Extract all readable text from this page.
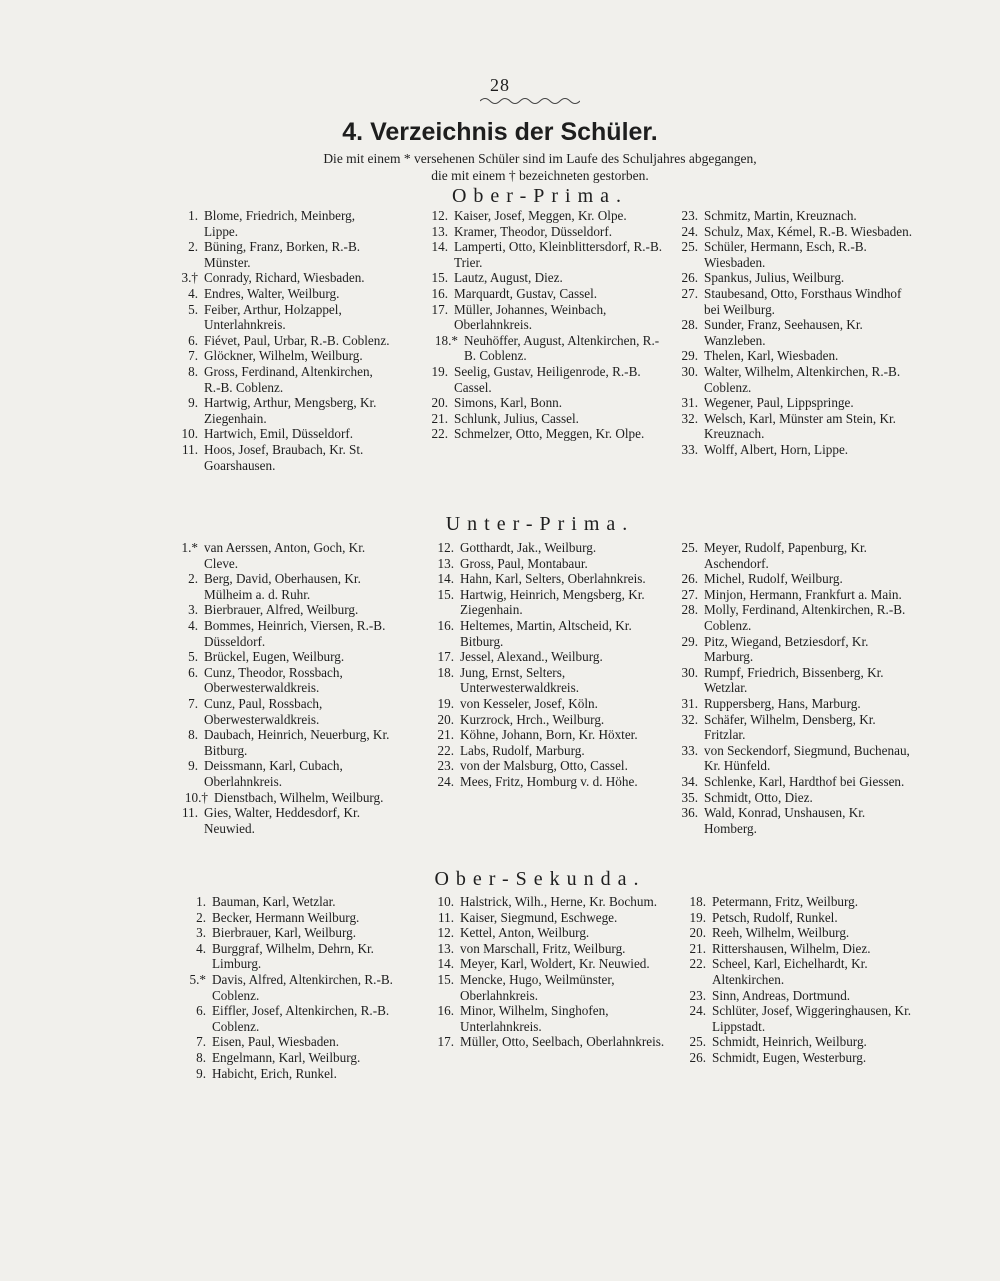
28
4. Verzeichnis der Schüler.
Die mit einem * versehenen Schüler sind im Laufe des Schuljahres abgegangen,
die mit einem † bezeichneten gestorben.
Ober-Prima.
1. Blome, Friedrich, Meinberg, Lippe.
2. Büning, Franz, Borken, R.-B. Münster.
3.† Conrady, Richard, Wiesbaden.
4. Endres, Walter, Weilburg.
5. Feiber, Arthur, Holzappel, Unterlahnkreis.
6. Fiévet, Paul, Urbar, R.-B. Coblenz.
7. Glöckner, Wilhelm, Weilburg.
8. Gross, Ferdinand, Altenkirchen, R.-B. Coblenz.
9. Hartwig, Arthur, Mengsberg, Kr. Ziegenhain.
10. Hartwich, Emil, Düsseldorf.
11. Hoos, Josef, Braubach, Kr. St. Goarshausen.
12. Kaiser, Josef, Meggen, Kr. Olpe.
13. Kramer, Theodor, Düsseldorf.
14. Lamperti, Otto, Kleinblittersdorf, R.-B. Trier.
15. Lautz, August, Diez.
16. Marquardt, Gustav, Cassel.
17. Müller, Johannes, Weinbach, Oberlahnkreis.
18.* Neuhöffer, August, Altenkirchen, R.-B. Coblenz.
19. Seelig, Gustav, Heiligenrode, R.-B. Cassel.
20. Simons, Karl, Bonn.
21. Schlunk, Julius, Cassel.
22. Schmelzer, Otto, Meggen, Kr. Olpe.
23. Schmitz, Martin, Kreuznach.
24. Schulz, Max, Kémel, R.-B. Wiesbaden.
25. Schüler, Hermann, Esch, R.-B. Wiesbaden.
26. Spankus, Julius, Weilburg.
27. Staubesand, Otto, Forsthaus Windhof bei Weilburg.
28. Sunder, Franz, Seehausen, Kr. Wanzleben.
29. Thelen, Karl, Wiesbaden.
30. Walter, Wilhelm, Altenkirchen, R.-B. Coblenz.
31. Wegener, Paul, Lippspringe.
32. Welsch, Karl, Münster am Stein, Kr. Kreuznach.
33. Wolff, Albert, Horn, Lippe.
Unter-Prima.
1.* van Aerssen, Anton, Goch, Kr. Cleve.
2. Berg, David, Oberhausen, Kr. Mülheim a. d. Ruhr.
3. Bierbrauer, Alfred, Weilburg.
4. Bommes, Heinrich, Viersen, R.-B. Düsseldorf.
5. Brückel, Eugen, Weilburg.
6. Cunz, Theodor, Rossbach, Oberwesterwaldkreis.
7. Cunz, Paul, Rossbach, Oberwesterwaldkreis.
8. Daubach, Heinrich, Neuerburg, Kr. Bitburg.
9. Deissmann, Karl, Cubach, Oberlahnkreis.
10.† Dienstbach, Wilhelm, Weilburg.
11. Gies, Walter, Heddesdorf, Kr. Neuwied.
12. Gotthardt, Jak., Weilburg.
13. Gross, Paul, Montabaur.
14. Hahn, Karl, Selters, Oberlahnkreis.
15. Hartwig, Heinrich, Mengsberg, Kr. Ziegenhain.
16. Heltemes, Martin, Altscheid, Kr. Bitburg.
17. Jessel, Alexand., Weilburg.
18. Jung, Ernst, Selters, Unterwesterwaldkreis.
19. von Kesseler, Josef, Köln.
20. Kurzrock, Hrch., Weilburg.
21. Köhne, Johann, Born, Kr. Höxter.
22. Labs, Rudolf, Marburg.
23. von der Malsburg, Otto, Cassel.
24. Mees, Fritz, Homburg v. d. Höhe.
25. Meyer, Rudolf, Papenburg, Kr. Aschendorf.
26. Michel, Rudolf, Weilburg.
27. Minjon, Hermann, Frankfurt a. Main.
28. Molly, Ferdinand, Altenkirchen, R.-B. Coblenz.
29. Pitz, Wiegand, Betziesdorf, Kr. Marburg.
30. Rumpf, Friedrich, Bissenberg, Kr. Wetzlar.
31. Ruppersberg, Hans, Marburg.
32. Schäfer, Wilhelm, Densberg, Kr. Fritzlar.
33. von Seckendorf, Siegmund, Buchenau, Kr. Hünfeld.
34. Schlenke, Karl, Hardthof bei Giessen.
35. Schmidt, Otto, Diez.
36. Wald, Konrad, Unshausen, Kr. Homberg.
Ober-Sekunda.
1. Bauman, Karl, Wetzlar.
2. Becker, Hermann Weilburg.
3. Bierbrauer, Karl, Weilburg.
4. Burggraf, Wilhelm, Dehrn, Kr. Limburg.
5.* Davis, Alfred, Altenkirchen, R.-B. Coblenz.
6. Eiffler, Josef, Altenkirchen, R.-B. Coblenz.
7. Eisen, Paul, Wiesbaden.
8. Engelmann, Karl, Weilburg.
9. Habicht, Erich, Runkel.
10. Halstrick, Wilh., Herne, Kr. Bochum.
11. Kaiser, Siegmund, Eschwege.
12. Kettel, Anton, Weilburg.
13. von Marschall, Fritz, Weilburg.
14. Meyer, Karl, Woldert, Kr. Neuwied.
15. Mencke, Hugo, Weilmünster, Oberlahnkreis.
16. Minor, Wilhelm, Singhofen, Unterlahnkreis.
17. Müller, Otto, Seelbach, Oberlahnkreis.
18. Petermann, Fritz, Weilburg.
19. Petsch, Rudolf, Runkel.
20. Reeh, Wilhelm, Weilburg.
21. Rittershausen, Wilhelm, Diez.
22. Scheel, Karl, Eichelhardt, Kr. Altenkirchen.
23. Sinn, Andreas, Dortmund.
24. Schlüter, Josef, Wiggeringhausen, Kr. Lippstadt.
25. Schmidt, Heinrich, Weilburg.
26. Schmidt, Eugen, Westerburg.
